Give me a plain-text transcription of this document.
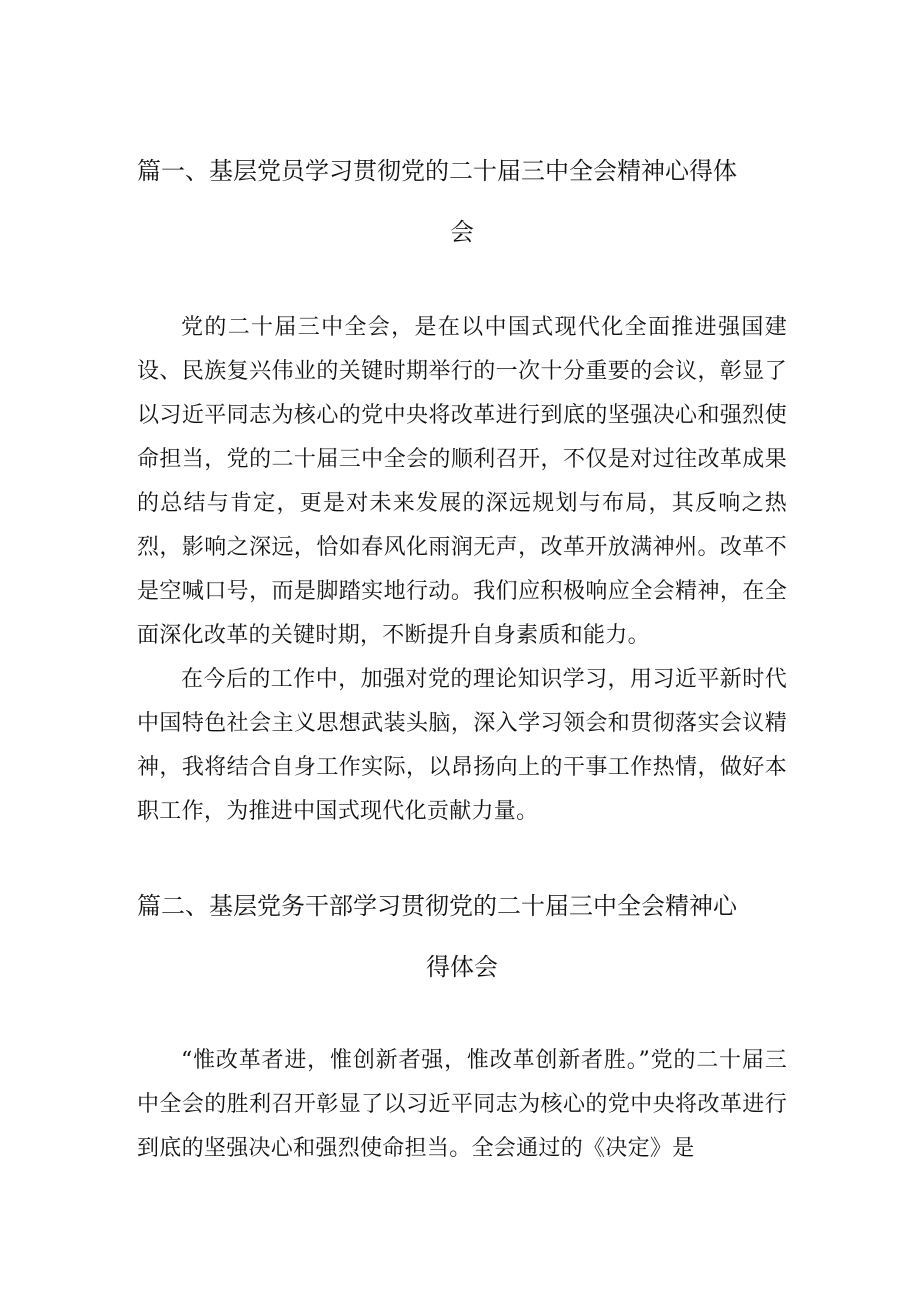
篇一、基层党员学习贯彻党的二十届三中全会精神心得体
会

党的二十届三中全会，是在以中国式现代化全面推进强国建设、民族复兴伟业的关键时期举行的一次十分重要的会议，彰显了以习近平同志为核心的党中央将改革进行到底的坚强决心和强烈使命担当，党的二十届三中全会的顺利召开，不仅是对过往改革成果的总结与肯定，更是对未来发展的深远规划与布局，其反响之热烈，影响之深远，恰如春风化雨润无声，改革开放满神州。改革不是空喊口号，而是脚踏实地行动。我们应积极响应全会精神，在全面深化改革的关键时期，不断提升自身素质和能力。

在今后的工作中，加强对党的理论知识学习，用习近平新时代中国特色社会主义思想武装头脑，深入学习领会和贯彻落实会议精神，我将结合自身工作实际，以昂扬向上的干事工作热情，做好本职工作，为推进中国式现代化贡献力量。

篇二、基层党务干部学习贯彻党的二十届三中全会精神心
得体会

“惟改革者进，惟创新者强，惟改革创新者胜。”党的二十届三中全会的胜利召开彰显了以习近平同志为核心的党中央将改革进行到底的坚强决心和强烈使命担当。全会通过的《决定》是
